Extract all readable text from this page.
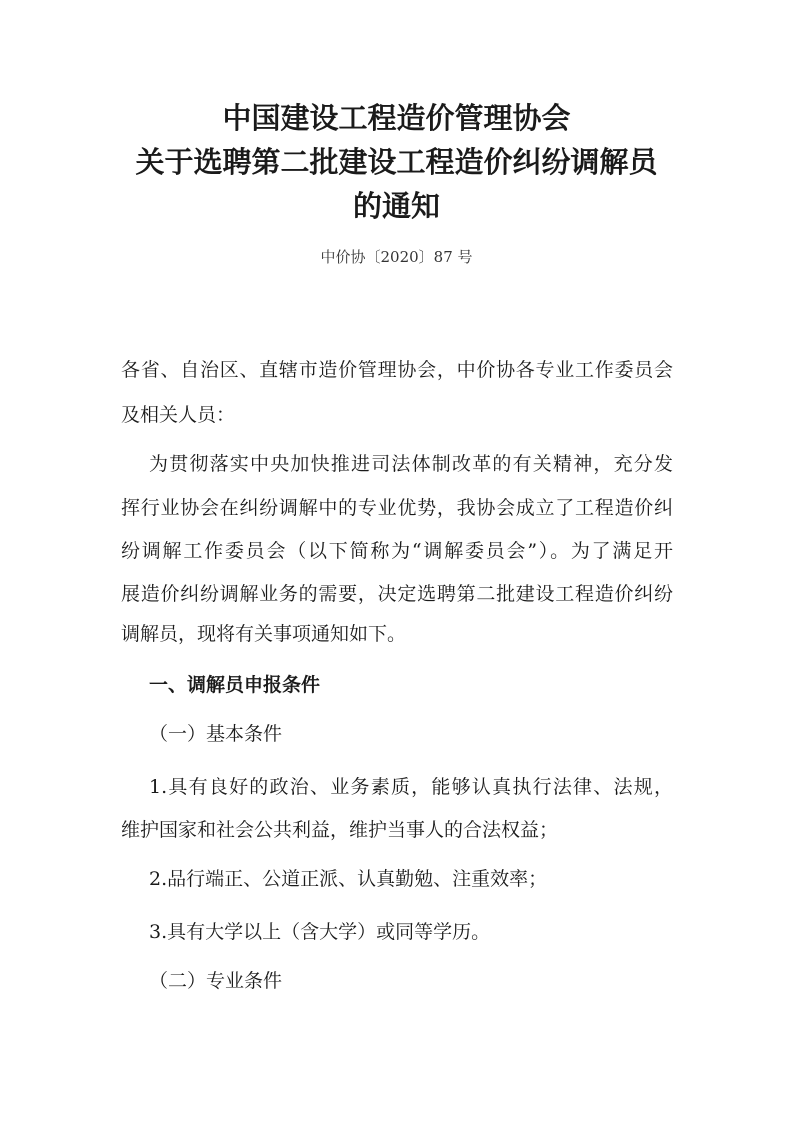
中国建设工程造价管理协会
关于选聘第二批建设工程造价纠纷调解员
的通知
中价协〔2020〕87 号

各省、自治区、直辖市造价管理协会，中价协各专业工作委员会

及相关人员：

为贯彻落实中央加快推进司法体制改革的有关精神，充分发

挥行业协会在纠纷调解中的专业优势，我协会成立了工程造价纠

纷调解工作委员会（以下简称为“调解委员会”）。为了满足开

展造价纠纷调解业务的需要，决定选聘第二批建设工程造价纠纷

调解员，现将有关事项通知如下。

一、调解员申报条件

（一）基本条件

1.具有良好的政治、业务素质，能够认真执行法律、法规，

维护国家和社会公共利益，维护当事人的合法权益；

2.品行端正、公道正派、认真勤勉、注重效率；

3.具有大学以上（含大学）或同等学历。

（二）专业条件
